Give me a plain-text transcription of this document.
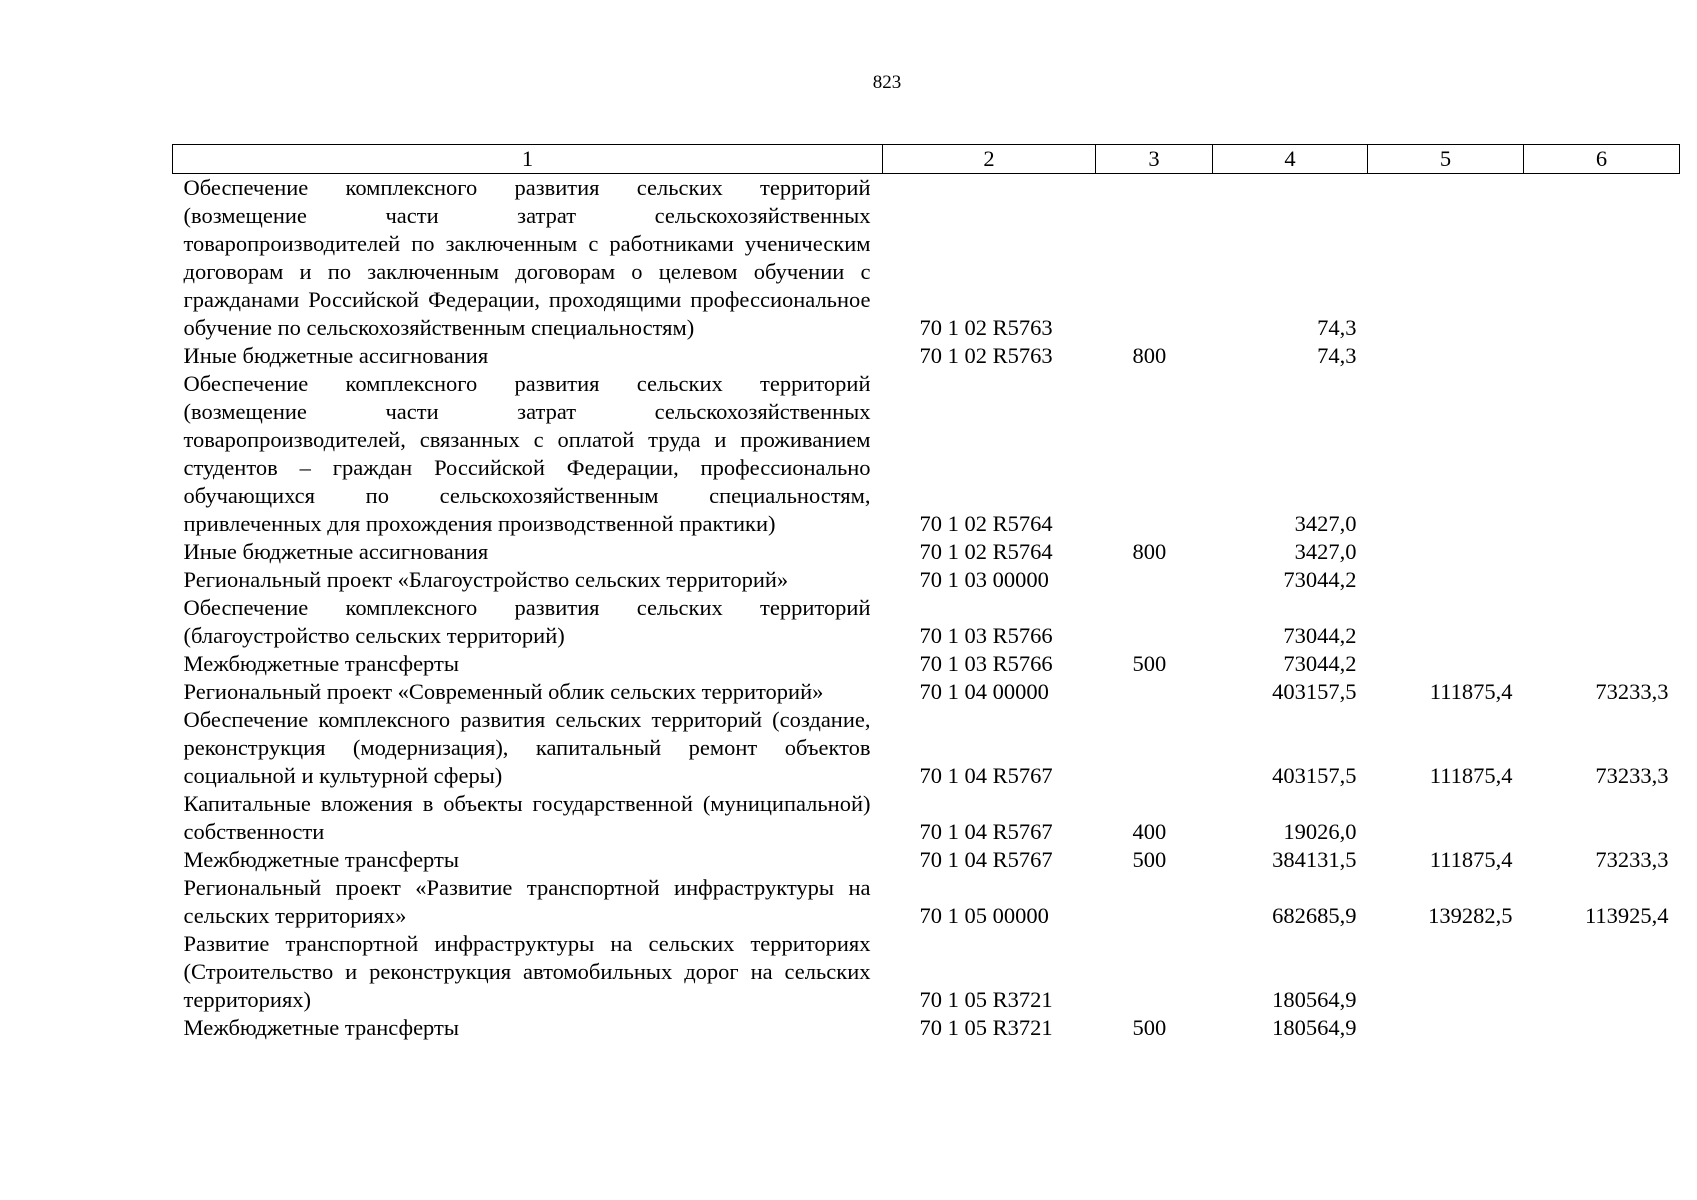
823
1	2	3	4	5	6
Обеспечение комплексного развития сельских территорий (возмещение части затрат сельскохозяйственных товаропроизводителей по заключенным с работниками ученическим договорам и по заключенным договорам о целевом обучении с гражданами Российской Федерации, проходящими профессиональное обучение по сельскохозяйственным специальностям)	70 1 02 R5763		74,3		
Иные бюджетные ассигнования	70 1 02 R5763	800	74,3		
Обеспечение комплексного развития сельских территорий (возмещение части затрат сельскохозяйственных товаропроизводителей, связанных с оплатой труда и проживанием студентов – граждан Российской Федерации, профессионально обучающихся по сельскохозяйственным специальностям, привлеченных для прохождения производственной практики)	70 1 02 R5764		3427,0		
Иные бюджетные ассигнования	70 1 02 R5764	800	3427,0		
Региональный проект «Благоустройство сельских территорий»	70 1 03 00000		73044,2		
Обеспечение комплексного развития сельских территорий (благоустройство сельских территорий)	70 1 03 R5766		73044,2		
Межбюджетные трансферты	70 1 03 R5766	500	73044,2		
Региональный проект «Современный облик сельских территорий»	70 1 04 00000		403157,5	111875,4	73233,3
Обеспечение комплексного развития сельских территорий (создание, реконструкция (модернизация), капитальный ремонт объектов социальной и культурной сферы)	70 1 04 R5767		403157,5	111875,4	73233,3
Капитальные вложения в объекты государственной (муниципальной) собственности	70 1 04 R5767	400	19026,0		
Межбюджетные трансферты	70 1 04 R5767	500	384131,5	111875,4	73233,3
Региональный проект «Развитие транспортной инфраструктуры на сельских территориях»	70 1 05 00000		682685,9	139282,5	113925,4
Развитие транспортной инфраструктуры на сельских территориях (Строительство и реконструкция автомобильных дорог на сельских территориях)	70 1 05 R3721		180564,9		
Межбюджетные трансферты	70 1 05 R3721	500	180564,9		
